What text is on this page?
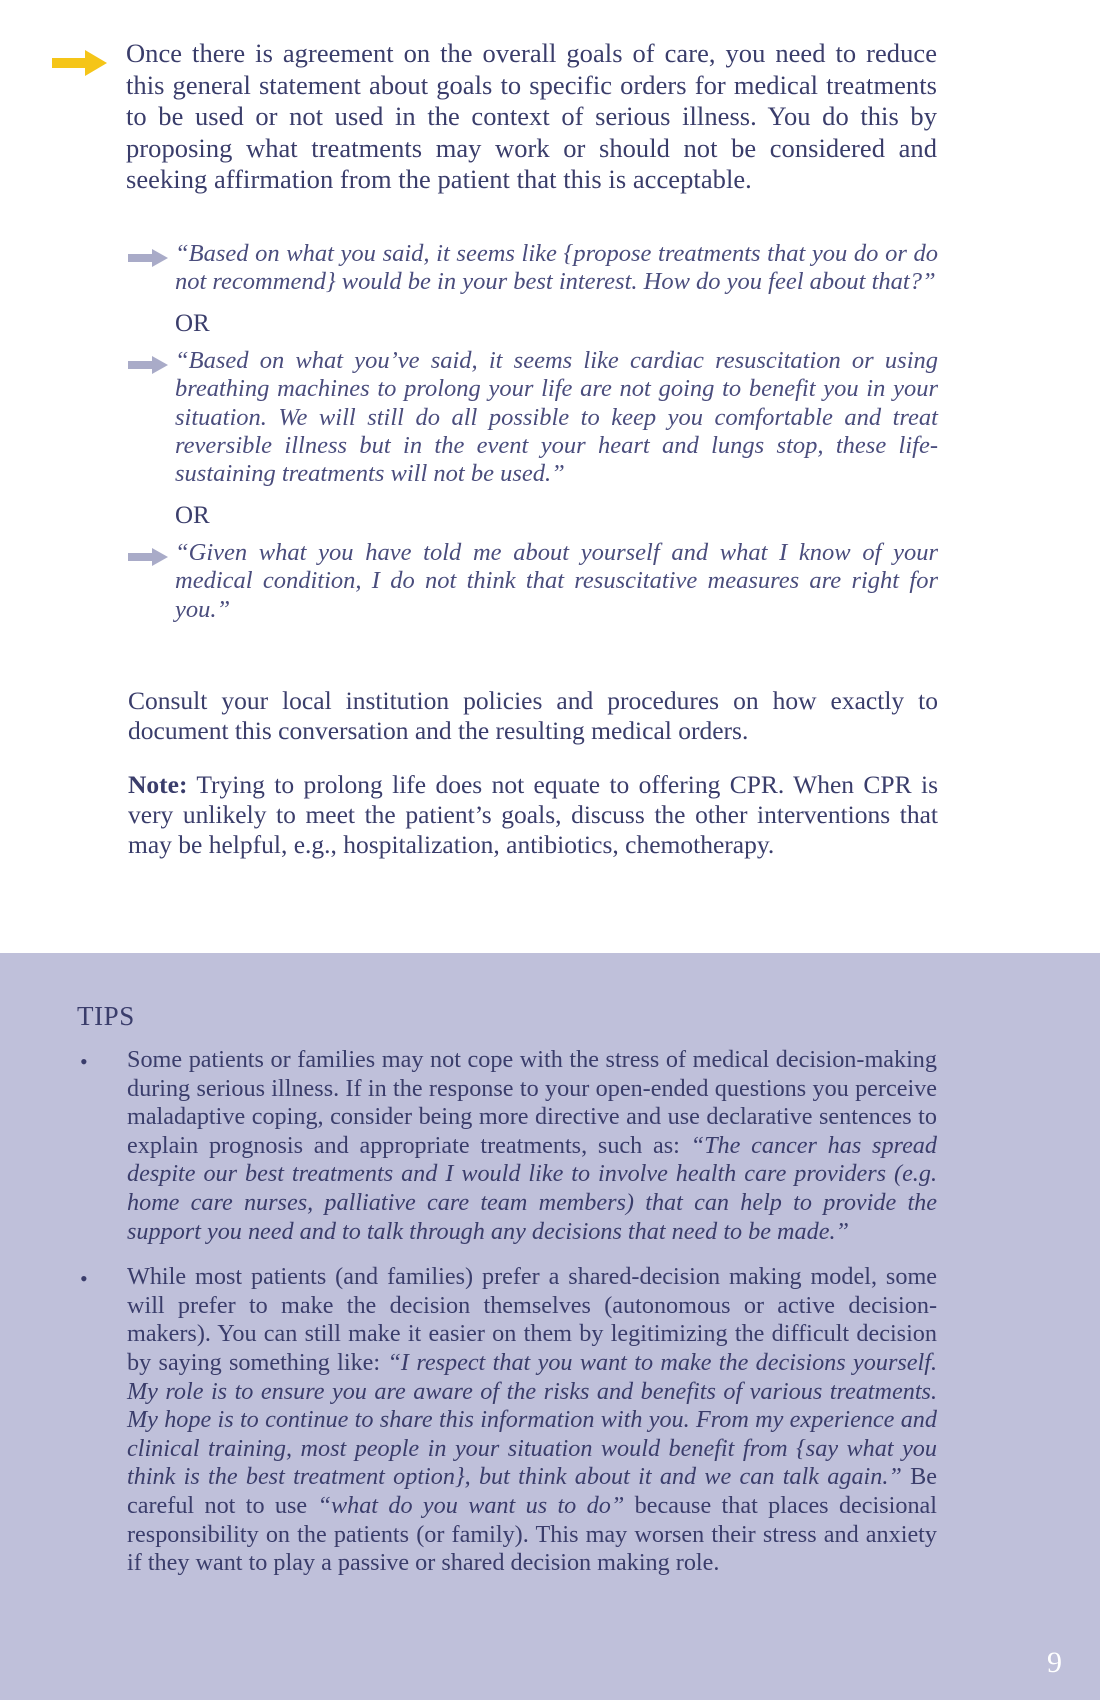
Once there is agreement on the overall goals of care, you need to reduce this general statement about goals to specific orders for medical treatments to be used or not used in the context of serious illness. You do this by proposing what treatments may work or should not be considered and seeking affirmation from the patient that this is acceptable.
“Based on what you said, it seems like {propose treatments that you do or do not recommend} would be in your best interest. How do you feel about that?”
OR
“Based on what you’ve said, it seems like cardiac resuscitation or using breathing machines to prolong your life are not going to benefit you in your situation. We will still do all possible to keep you comfortable and treat reversible illness but in the event your heart and lungs stop, these life-sustaining treatments will not be used.”
OR
“Given what you have told me about yourself and what I know of your medical condition, I do not think that resuscitative measures are right for you.”
Consult your local institution policies and procedures on how exactly to document this conversation and the resulting medical orders.
Note: Trying to prolong life does not equate to offering CPR. When CPR is very unlikely to meet the patient’s goals, discuss the other interventions that may be helpful, e.g., hospitalization, antibiotics, chemotherapy.
TIPS
• Some patients or families may not cope with the stress of medical decision-making during serious illness. If in the response to your open-ended questions you perceive maladaptive coping, consider being more directive and use declarative sentences to explain prognosis and appropriate treatments, such as: “The cancer has spread despite our best treatments and I would like to involve health care providers (e.g. home care nurses, palliative care team members) that can help to provide the support you need and to talk through any decisions that need to be made.”
• While most patients (and families) prefer a shared-decision making model, some will prefer to make the decision themselves (autonomous or active decision-makers). You can still make it easier on them by legitimizing the difficult decision by saying something like: “I respect that you want to make the decisions yourself. My role is to ensure you are aware of the risks and benefits of various treatments. My hope is to continue to share this information with you. From my experience and clinical training, most people in your situation would benefit from {say what you think is the best treatment option}, but think about it and we can talk again.” Be careful not to use “what do you want us to do” because that places decisional responsibility on the patients (or family). This may worsen their stress and anxiety if they want to play a passive or shared decision making role.
9
